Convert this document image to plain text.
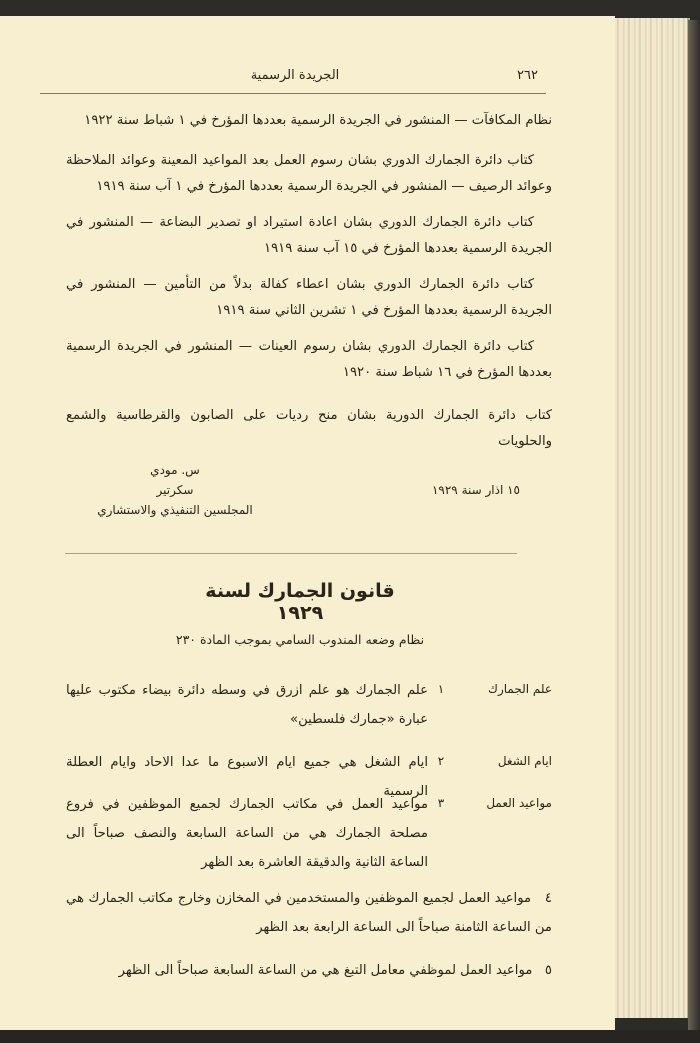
الجريدة الرسمية	٢٦٢
نظام المكافآت — المنشور في الجريدة الرسمية بعددها المؤرخ في ١ شباط سنة ١٩٢٢
كتاب دائرة الجمارك الدوري بشان رسوم العمل بعد المواعيد المعينة وعوائد الملاحظة وعوائد الرصيف — المنشور في الجريدة الرسمية بعددها المؤرخ في ١ آب سنة ١٩١٩
كتاب دائرة الجمارك الدوري بشان اعادة استيراد او تصدير البضاعة — المنشور في الجريدة الرسمية بعددها المؤرخ في ١٥ آب سنة ١٩١٩
كتاب دائرة الجمارك الدوري بشان اعطاء كفالة بدلاً من التأمين — المنشور في الجريدة الرسمية بعددها المؤرخ في ١ تشرين الثاني سنة ١٩١٩
كتاب دائرة الجمارك الدوري بشان رسوم العينات — المنشور في الجريدة الرسمية بعددها المؤرخ في ١٦ شباط سنة ١٩٢٠
كتاب دائرة الجمارك الدورية بشان منح رديات على الصابون والقرطاسية والشمع والحلويات
س. مودي
سكرتير
المجلسين التنفيذي والاستشاري
١٥ اذار سنة ١٩٢٩
قانون الجمارك لسنة ١٩٢٩
نظام وضعه المندوب السامي بموجب المادة ٢٣٠
علم الجمارك
١
علم الجمارك هو علم ازرق في وسطه دائرة بيضاء مكتوب عليها عبارة «جمارك فلسطين»
ايام الشغل
٢
ايام الشغل هي جميع ايام الاسبوع ما عدا الاحاد وايام العطلة الرسمية
مواعيد العمل
٣
مواعيد العمل في مكاتب الجمارك لجميع الموظفين في فروع مصلحة الجمارك هي من الساعة السابعة والنصف صباحاً الى الساعة الثانية والدقيقة العاشرة بعد الظهر
٤   مواعيد العمل لجميع الموظفين والمستخدمين في المخازن وخارج مكاتب الجمارك هي من الساعة الثامنة صباحاً الى الساعة الرابعة بعد الظهر
٥   مواعيد العمل لموظفي معامل التبغ هي من الساعة السابعة صباحاً الى الظهر
